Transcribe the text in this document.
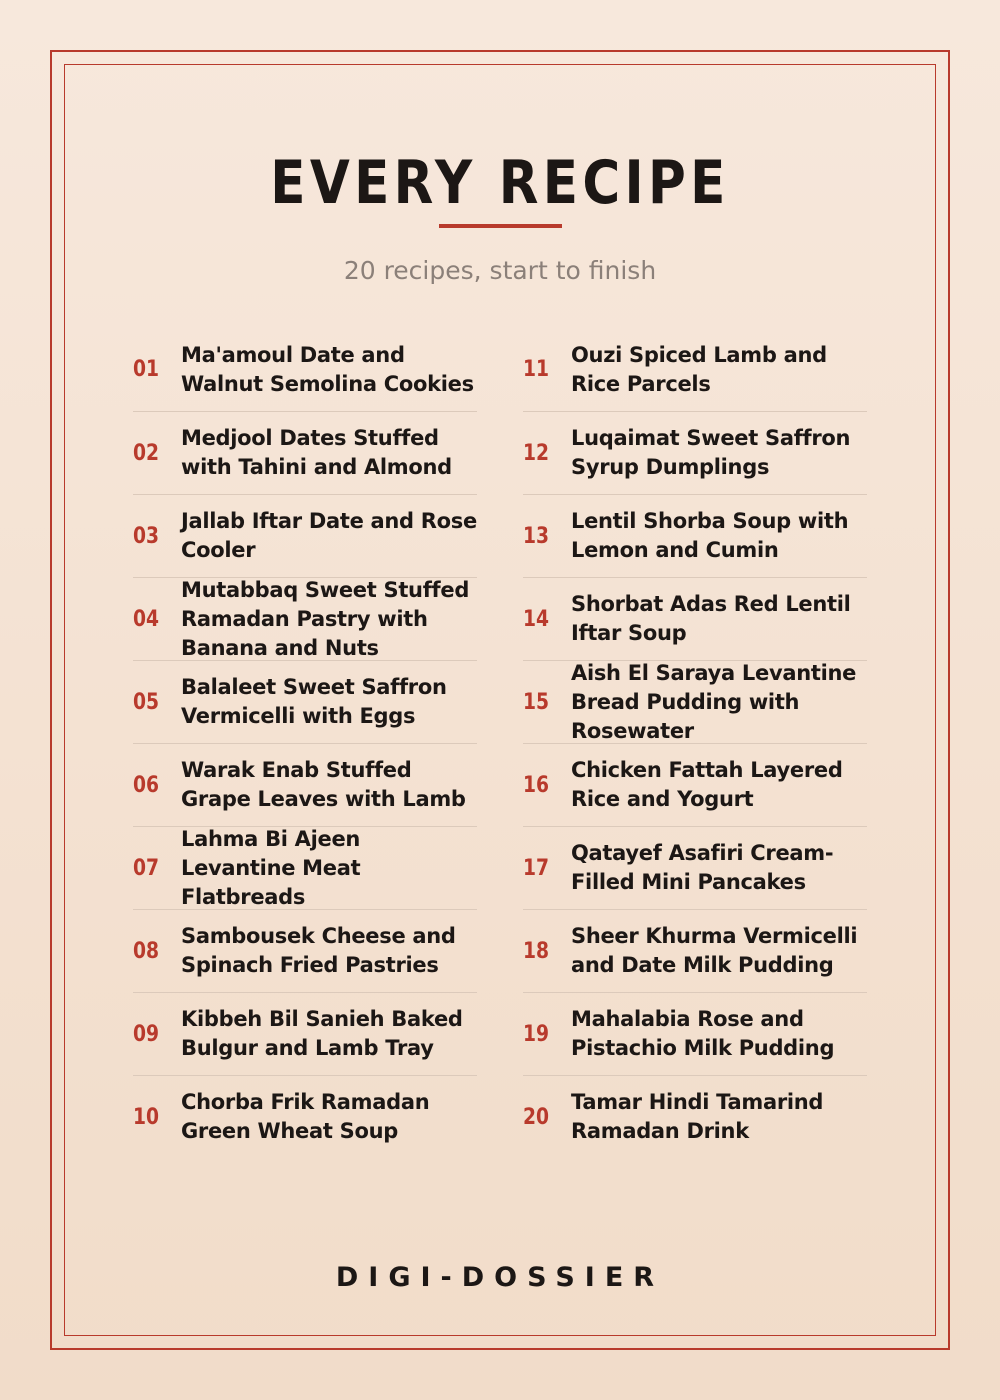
EVERY RECIPE
20 recipes, start to finish
01
Ma'amoul Date and Walnut Semolina Cookies
02
Medjool Dates Stuffed with Tahini and Almond
03
Jallab Iftar Date and Rose Cooler
04
Mutabbaq Sweet Stuffed Ramadan Pastry with Banana and Nuts
05
Balaleet Sweet Saffron Vermicelli with Eggs
06
Warak Enab Stuffed Grape Leaves with Lamb
07
Lahma Bi Ajeen Levantine Meat Flatbreads
08
Sambousek Cheese and Spinach Fried Pastries
09
Kibbeh Bil Sanieh Baked Bulgur and Lamb Tray
10
Chorba Frik Ramadan Green Wheat Soup
11
Ouzi Spiced Lamb and Rice Parcels
12
Luqaimat Sweet Saffron Syrup Dumplings
13
Lentil Shorba Soup with Lemon and Cumin
14
Shorbat Adas Red Lentil Iftar Soup
15
Aish El Saraya Levantine Bread Pudding with Rosewater
16
Chicken Fattah Layered Rice and Yogurt
17
Qatayef Asafiri Cream-Filled Mini Pancakes
18
Sheer Khurma Vermicelli and Date Milk Pudding
19
Mahalabia Rose and Pistachio Milk Pudding
20
Tamar Hindi Tamarind Ramadan Drink
DIGI-DOSSIER
